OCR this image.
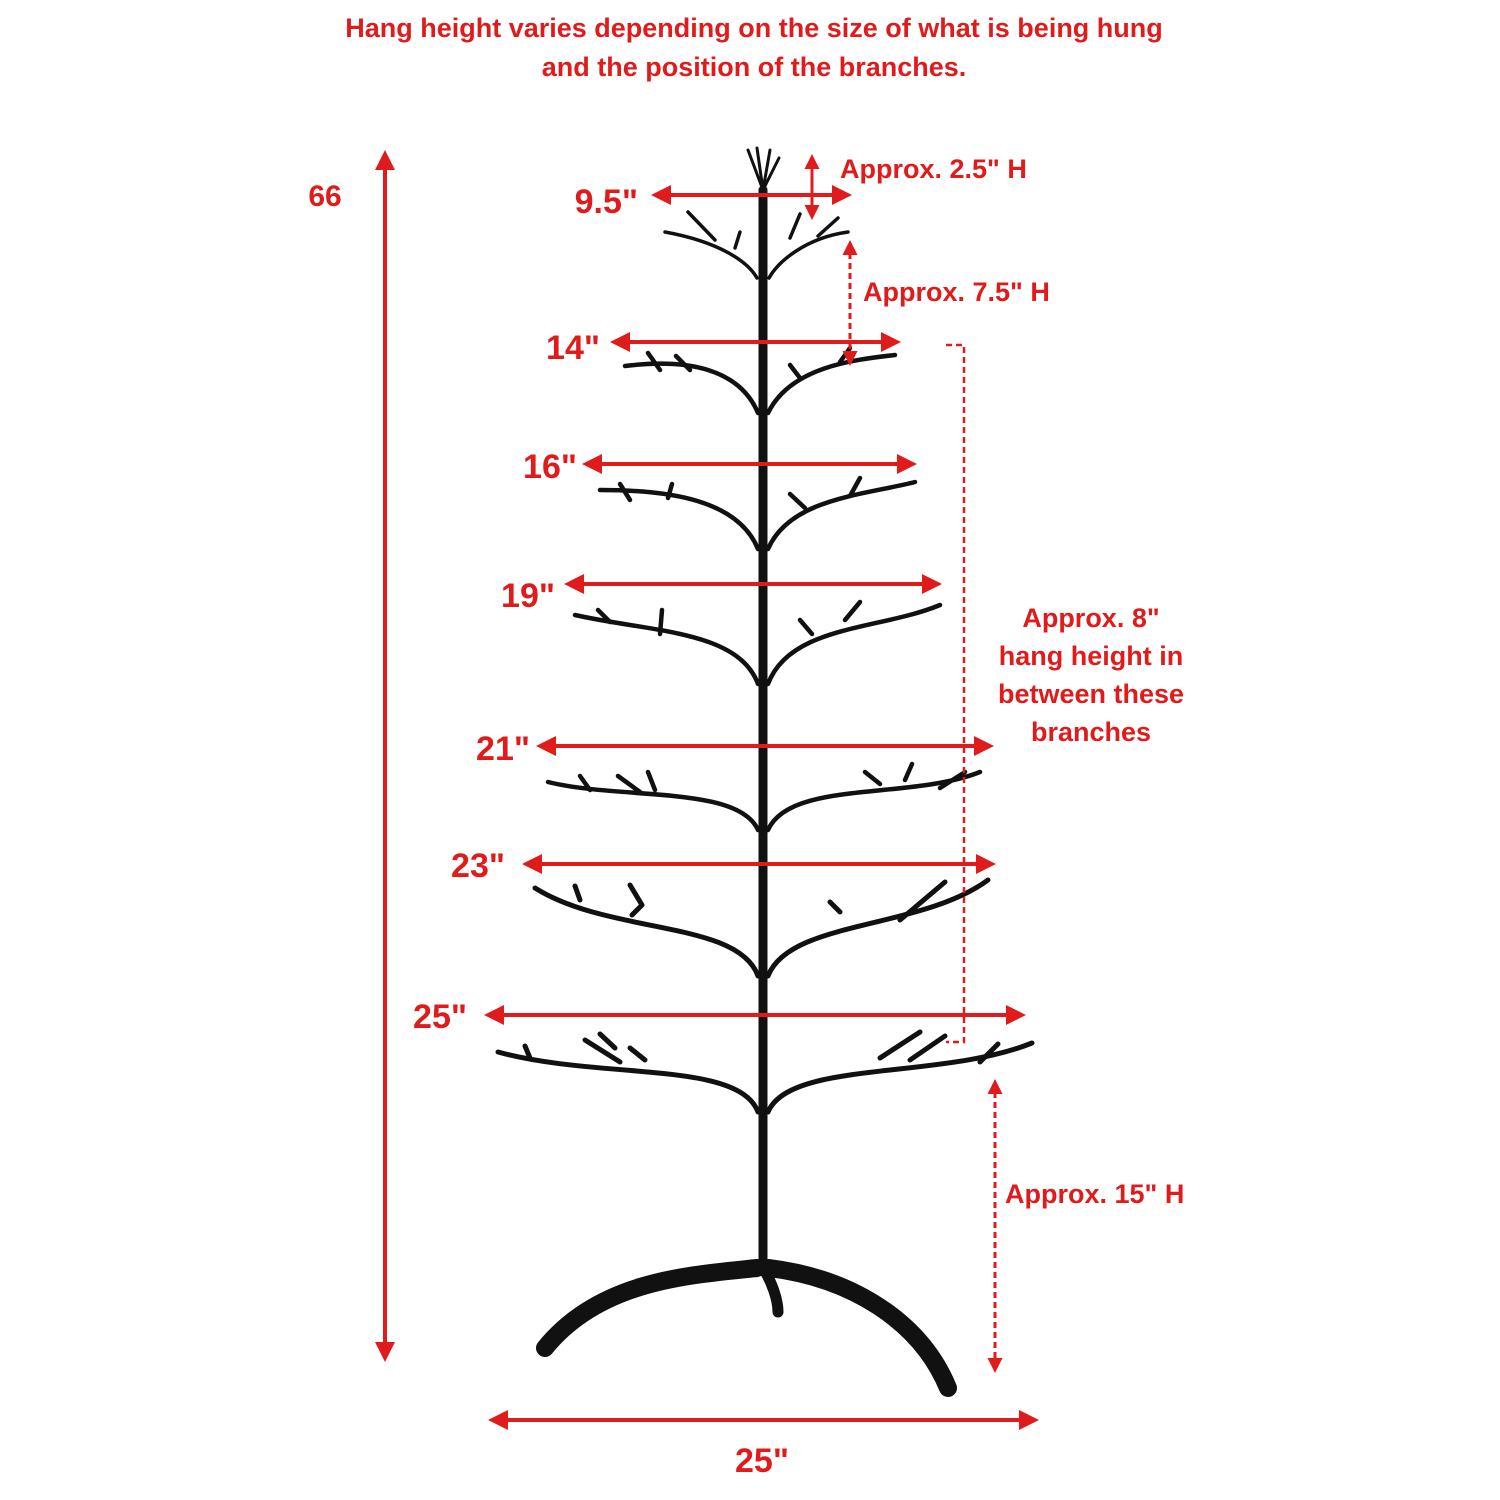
Hang height varies depending on the size of what is being hung
and the position of the branches.
66	9.5"
14"
16"
19"
21"
23"
25"
25"
Approx. 2.5" H
Approx. 7.5" H
Approx. 8"
hang height in
between these
branches
Approx. 15" H
